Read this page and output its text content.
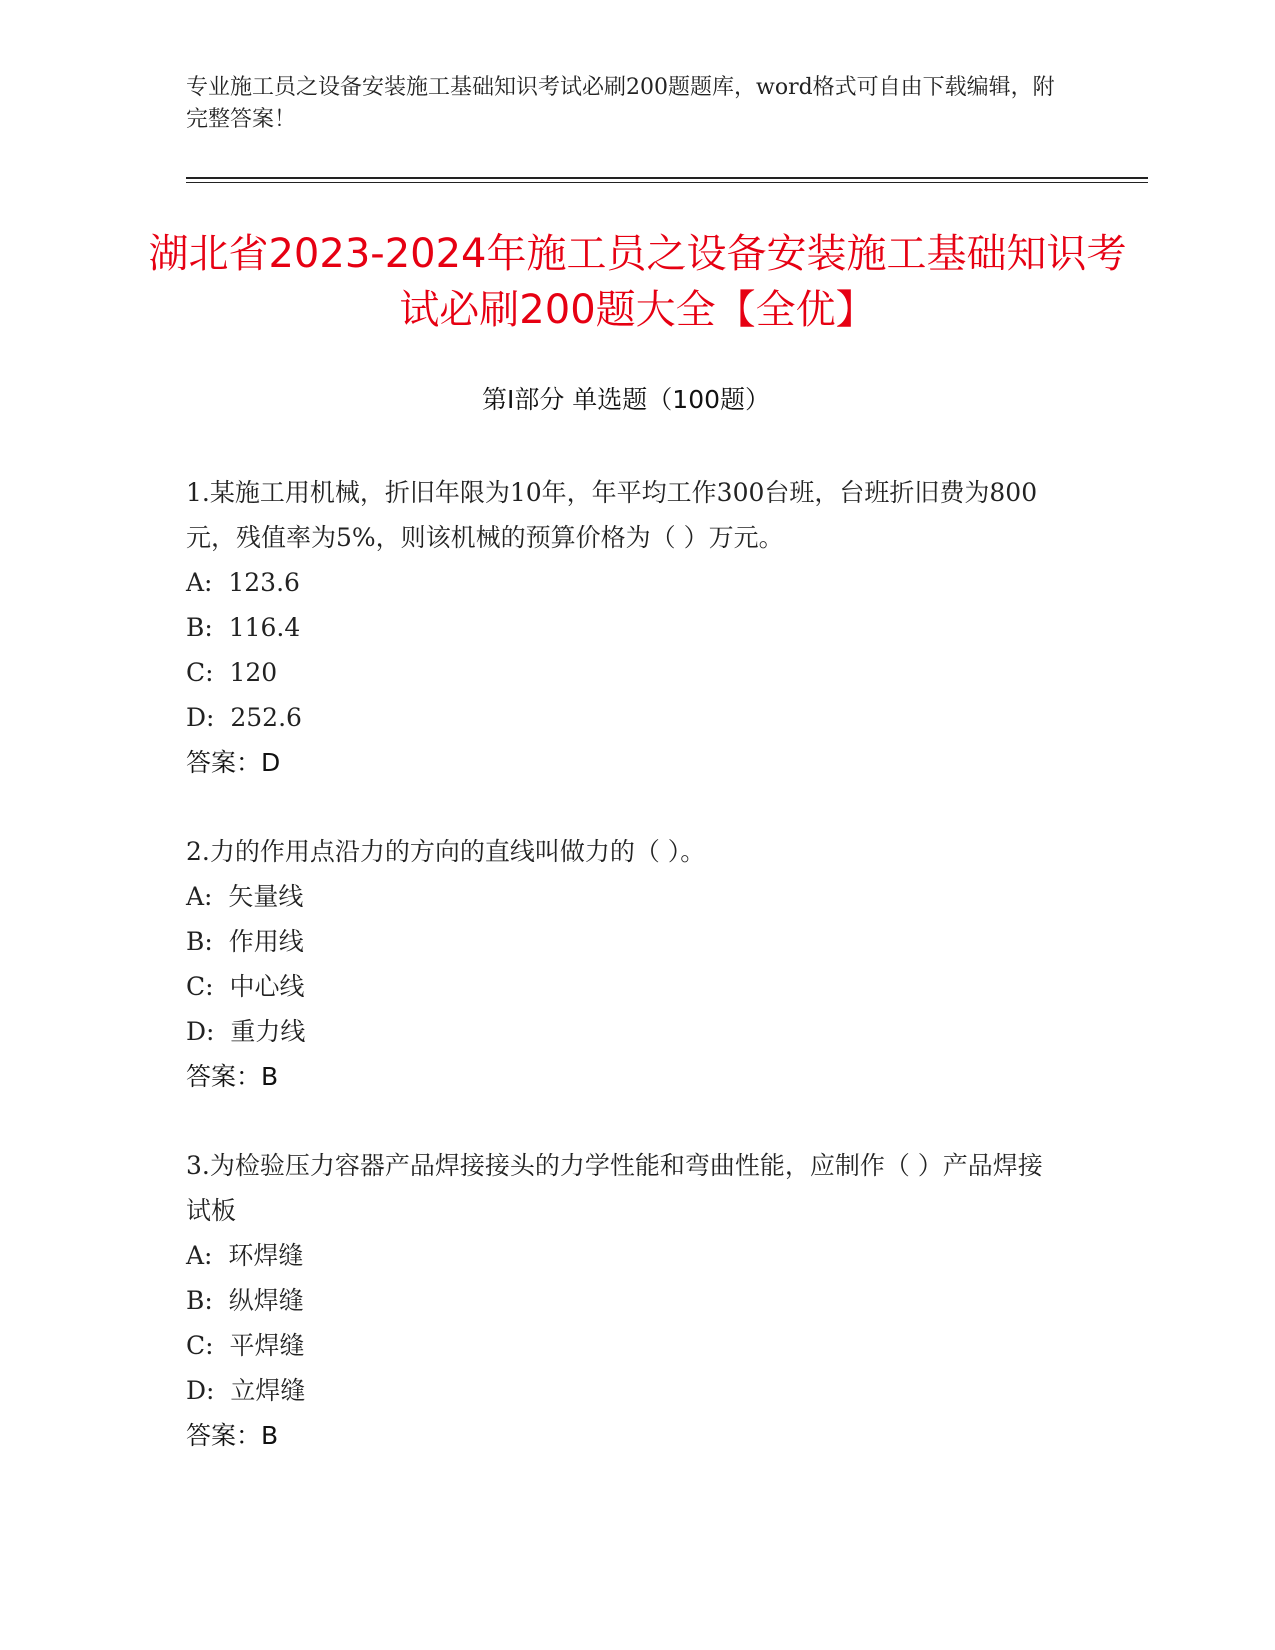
专业施工员之设备安装施工基础知识考试必刷200题题库，word格式可自由下载编辑，附完整答案！
湖北省2023-2024年施工员之设备安装施工基础知识考试必刷200题大全【全优】
第Ⅰ部分 单选题（100题）

1.某施工用机械，折旧年限为10年，年平均工作300台班，台班折旧费为800元，残值率为5%，则该机械的预算价格为（ ）万元。

A:  123.6

B:  116.4

C:  120

D:  252.6

答案：D

2.力的作用点沿力的方向的直线叫做力的（ ）。

A:  矢量线

B:  作用线

C:  中心线

D:  重力线

答案：B

3.为检验压力容器产品焊接接头的力学性能和弯曲性能，应制作（ ）产品焊接试板

A:  环焊缝

B:  纵焊缝

C:  平焊缝

D:  立焊缝

答案：B
